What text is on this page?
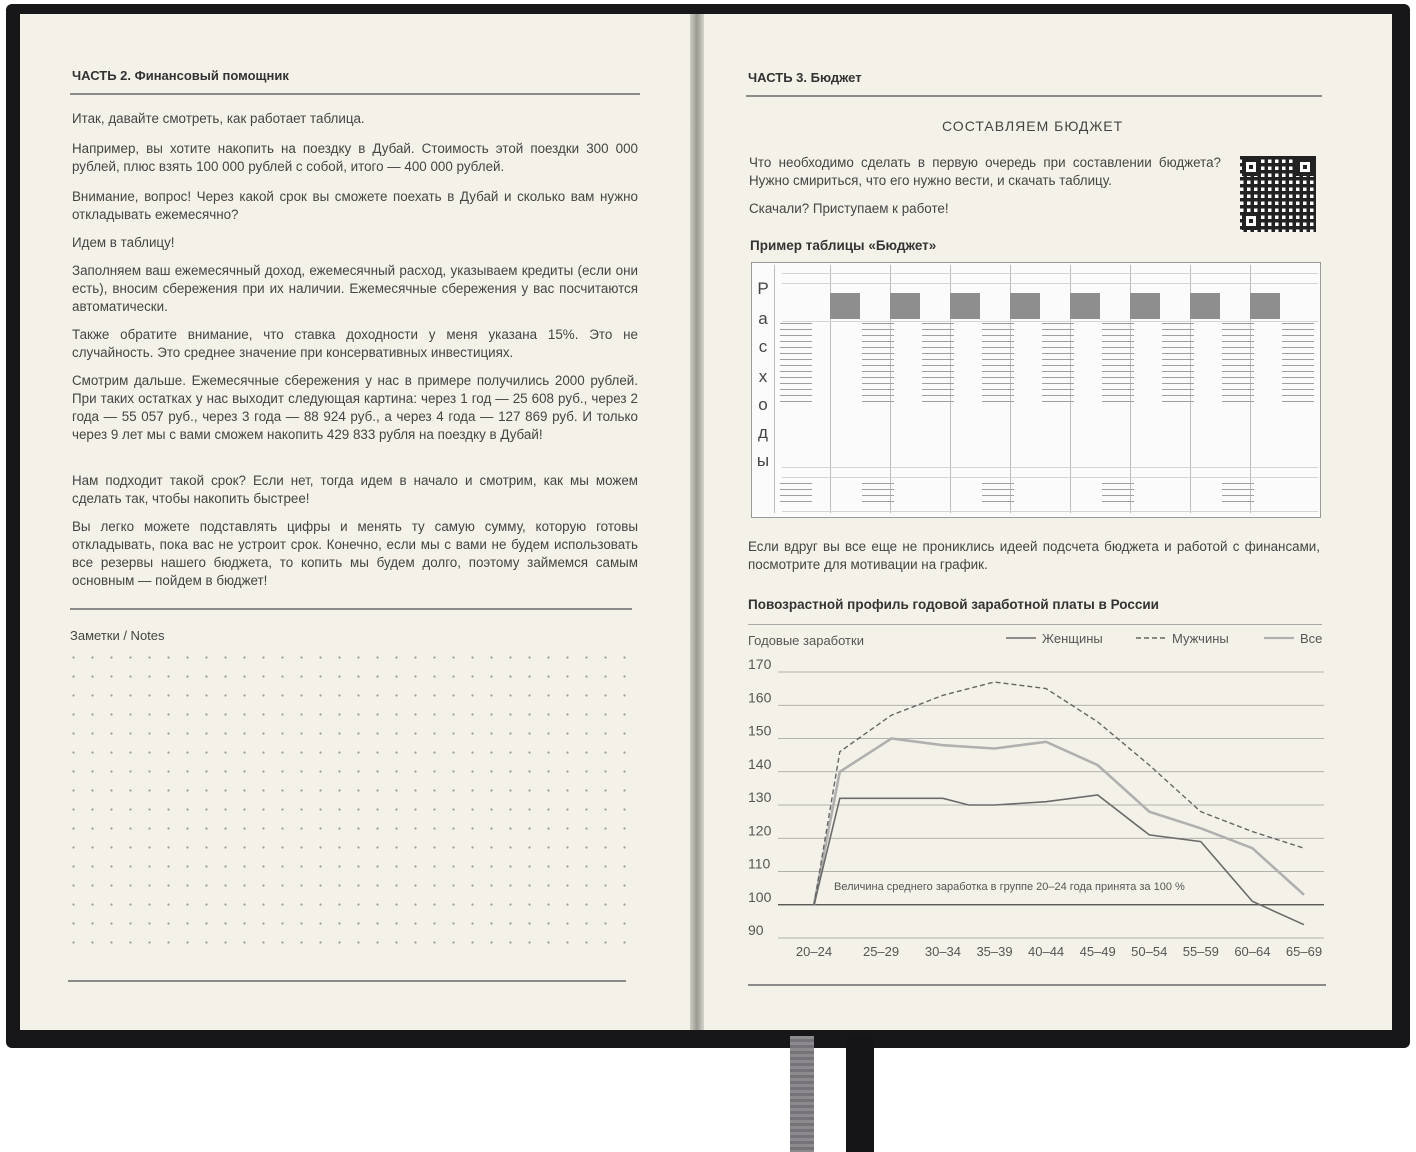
ЧАСТЬ 2. Финансовый помощник
Итак, давайте смотреть, как работает таблица.
Например, вы хотите накопить на поездку в Дубай. Стоимость этой поездки 300 000 рублей, плюс взять 100 000 рублей с собой, итого — 400 000 рублей.
Внимание, вопрос! Через какой срок вы сможете поехать в Дубай и сколько вам нужно откладывать ежемесячно?
Идем в таблицу!
Заполняем ваш ежемесячный доход, ежемесячный расход, указываем кредиты (если они есть), вносим сбережения при их наличии. Ежемесячные сбережения у вас посчитаются автоматически.
Также обратите внимание, что ставка доходности у меня указана 15%. Это не случайность. Это среднее значение при консервативных инвестициях.
Смотрим дальше. Ежемесячные сбережения у нас в примере получились 2000 рублей. При таких остатках у нас выходит следующая картина: через 1 год — 25 608 руб., через 2 года — 55 057 руб., через 3 года — 88 924 руб., а через 4 года — 127 869 руб. И только через 9 лет мы с вами сможем накопить 429 833 рубля на поездку в Дубай!
Нам подходит такой срок? Если нет, тогда идем в начало и смотрим, как мы можем сделать так, чтобы накопить быстрее!
Вы легко можете подставлять цифры и менять ту самую сумму, которую готовы откладывать, пока вас не устроит срок. Конечно, если мы с вами не будем использовать все резервы нашего бюджета, то копить мы будем долго, поэтому займемся самым основным — пойдем в бюджет!
Заметки / Notes
ЧАСТЬ 3. Бюджет
СОСТАВЛЯЕМ БЮДЖЕТ
Что необходимо сделать в первую очередь при составлении бюджета? Нужно смириться, что его нужно вести, и скачать таблицу.
Скачали? Приступаем к работе!
Пример таблицы «Бюджет»
Р
а
с
х
о
д
ы
Если вдруг вы все еще не прониклись идеей подсчета бюджета и работой с финансами, посмотрите для мотивации на график.
Повозрастной профиль годовой заработной платы в России
Годовые заработки	Женщины	Мужчины	Все
90
100
110
120
130
140
150
160
170
20–24 25–29 30–34 35–39 40–44 45–49 50–54 55–59 60–64 65–69
Величина среднего заработка в группе 20–24 года принята за 100 %
